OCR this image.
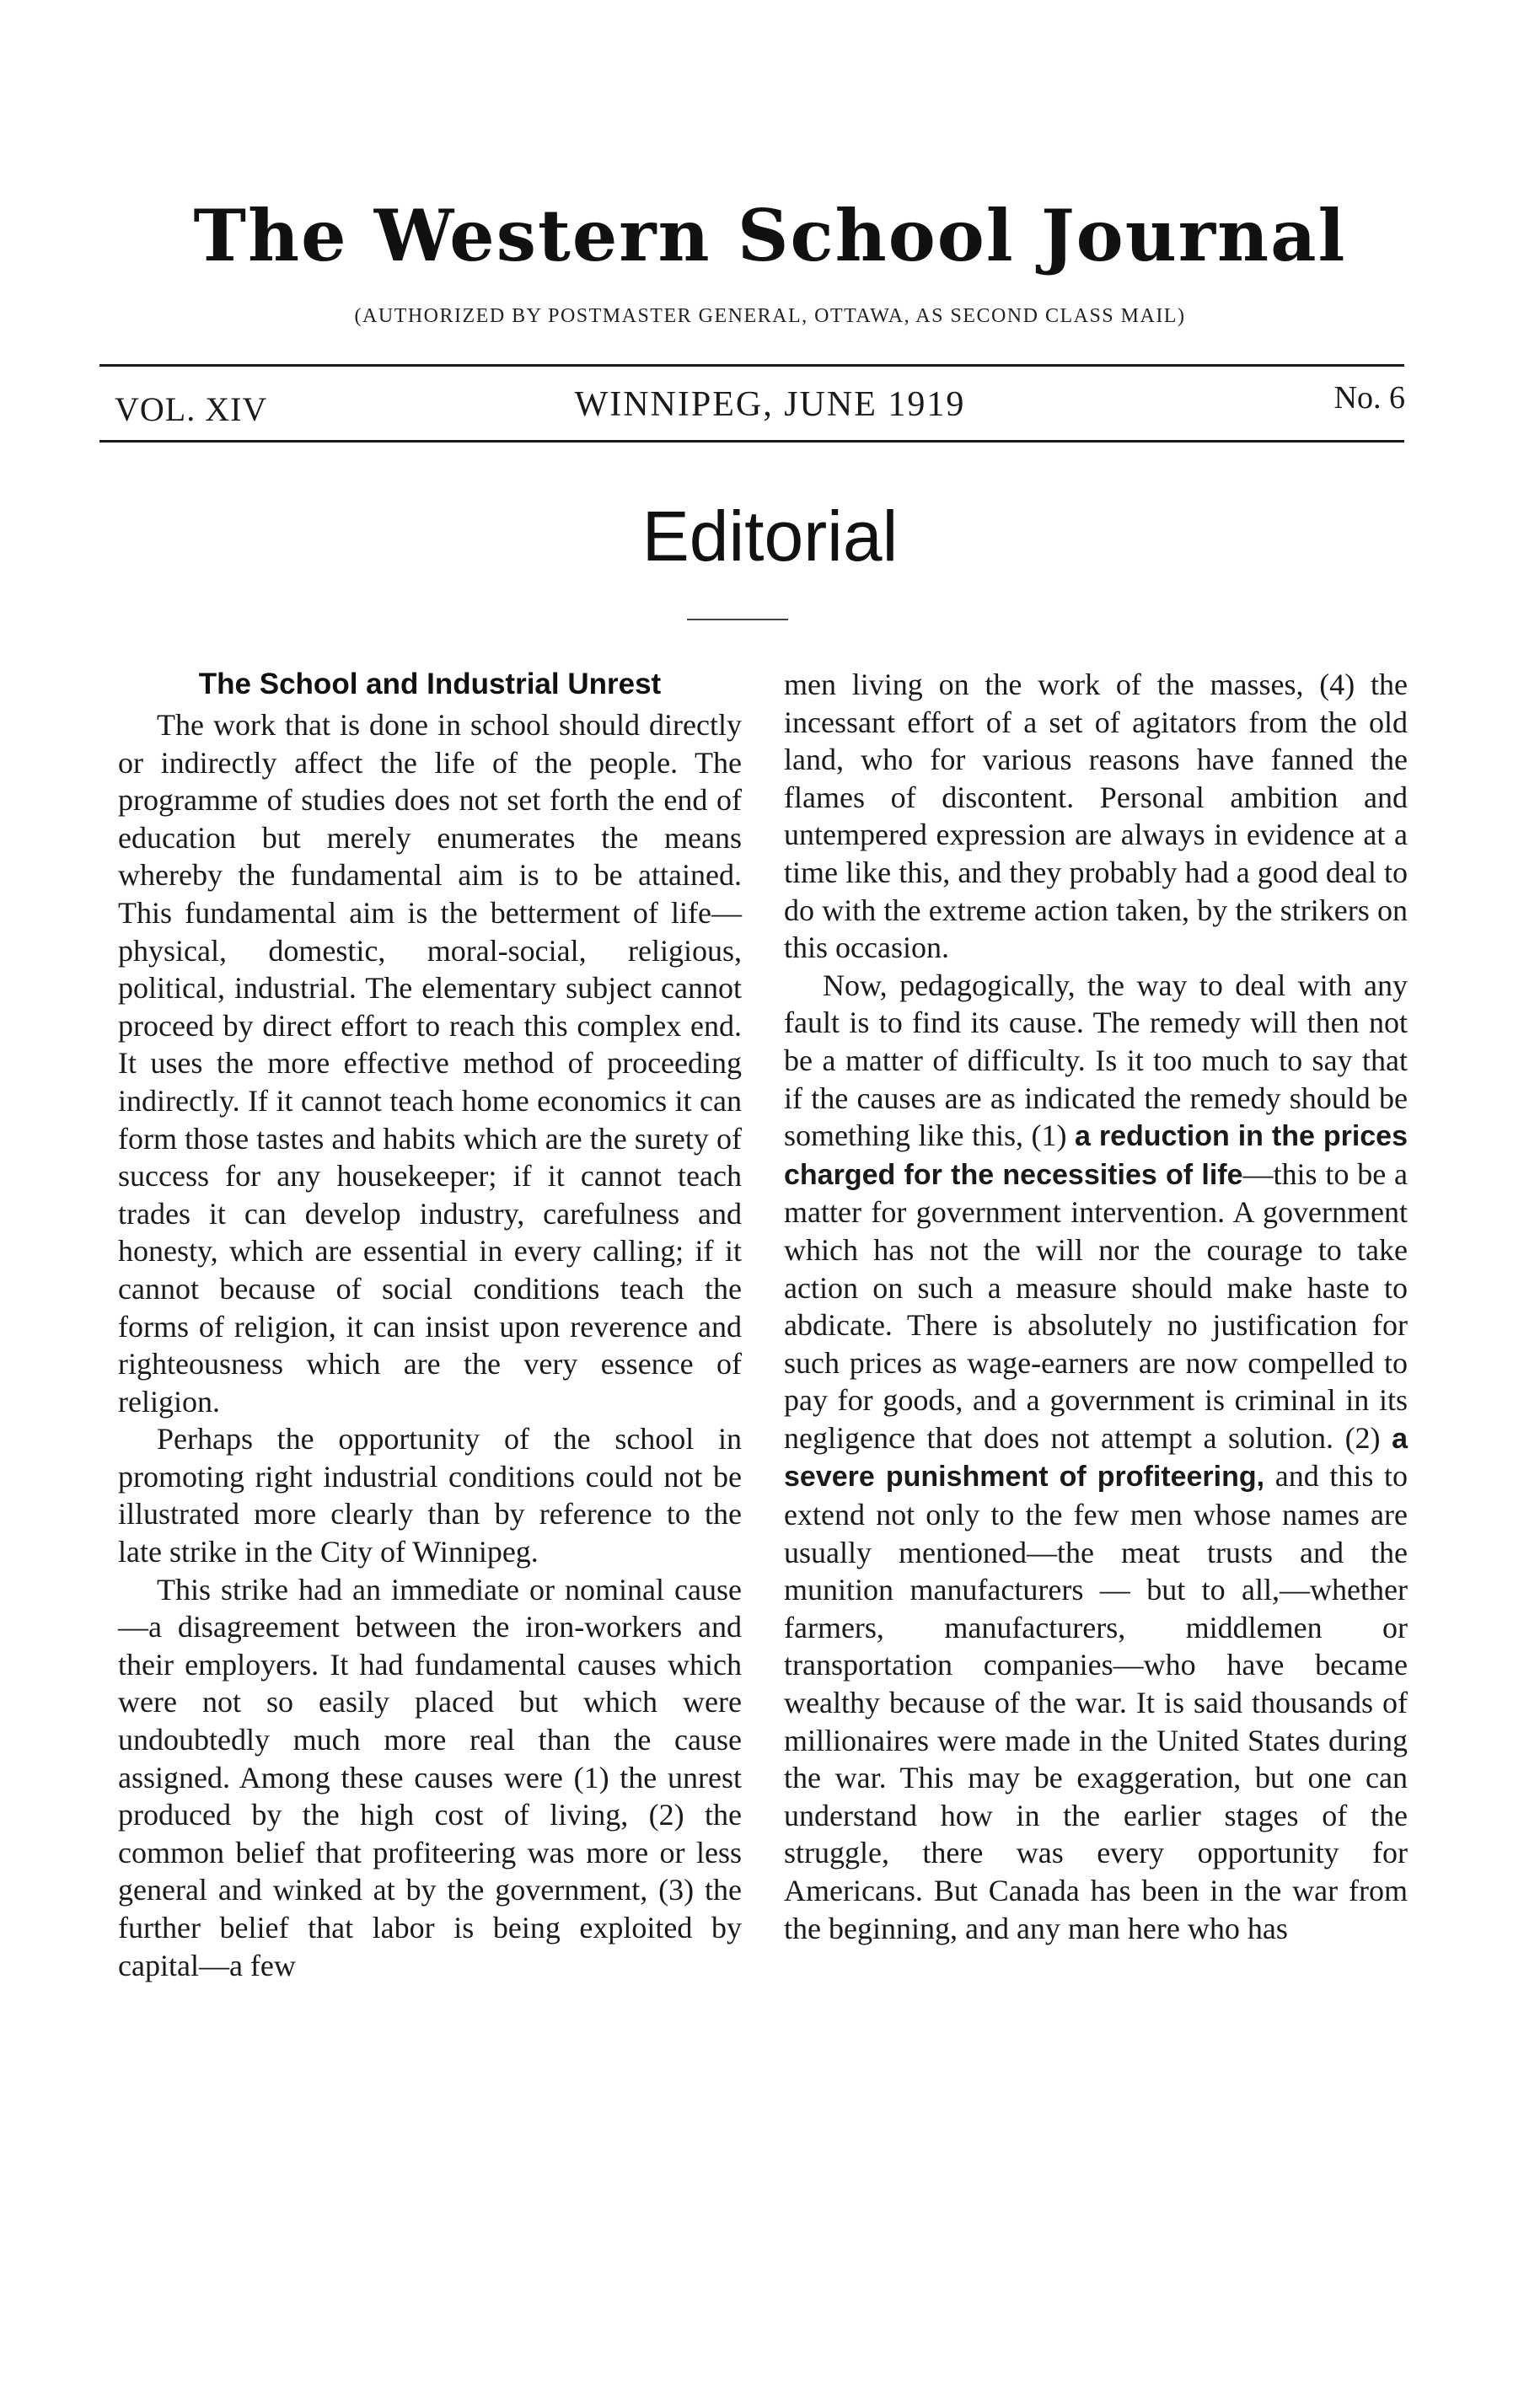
The Western School Journal
(AUTHORIZED BY POSTMASTER GENERAL, OTTAWA, AS SECOND CLASS MAIL)
VOL. XIV	WINNIPEG, JUNE 1919	No. 6
Editorial
The School and Industrial Unrest

The work that is done in school should directly or indirectly affect the life of the people. The programme of studies does not set forth the end of education but merely enumerates the means whereby the fundamental aim is to be attained. This fundamental aim is the betterment of life—physical, domestic, moral-social, religious, political, industrial. The elementary subject cannot proceed by direct effort to reach this complex end. It uses the more effective method of proceeding indirectly. If it cannot teach home economics it can form those tastes and habits which are the surety of success for any housekeeper; if it cannot teach trades it can develop industry, carefulness and honesty, which are essential in every calling; if it cannot because of social conditions teach the forms of religion, it can insist upon reverence and righteousness which are the very essence of religion.

Perhaps the opportunity of the school in promoting right industrial conditions could not be illustrated more clearly than by reference to the late strike in the City of Winnipeg.

This strike had an immediate or nominal cause—a disagreement between the iron-workers and their employers. It had fundamental causes which were not so easily placed but which were undoubtedly much more real than the cause assigned. Among these causes were (1) the unrest produced by the high cost of living, (2) the common belief that profiteering was more or less general and winked at by the government, (3) the further belief that labor is being exploited by capital—a few

men living on the work of the masses, (4) the incessant effort of a set of agitators from the old land, who for various reasons have fanned the flames of discontent. Personal ambition and untempered expression are always in evidence at a time like this, and they probably had a good deal to do with the extreme action taken, by the strikers on this occasion.

Now, pedagogically, the way to deal with any fault is to find its cause. The remedy will then not be a matter of difficulty. Is it too much to say that if the causes are as indicated the remedy should be something like this, (1) a reduction in the prices charged for the necessities of life—this to be a matter for government intervention. A government which has not the will nor the courage to take action on such a measure should make haste to abdicate. There is absolutely no justification for such prices as wage-earners are now compelled to pay for goods, and a government is criminal in its negligence that does not attempt a solution. (2) a severe punishment of profiteering, and this to extend not only to the few men whose names are usually mentioned—the meat trusts and the munition manufacturers — but to all,—whether farmers, manufacturers, middlemen or transportation companies—who have became wealthy because of the war. It is said thousands of millionaires were made in the United States during the war. This may be exaggeration, but one can understand how in the earlier stages of the struggle, there was every opportunity for Americans. But Canada has been in the war from the beginning, and any man here who has
